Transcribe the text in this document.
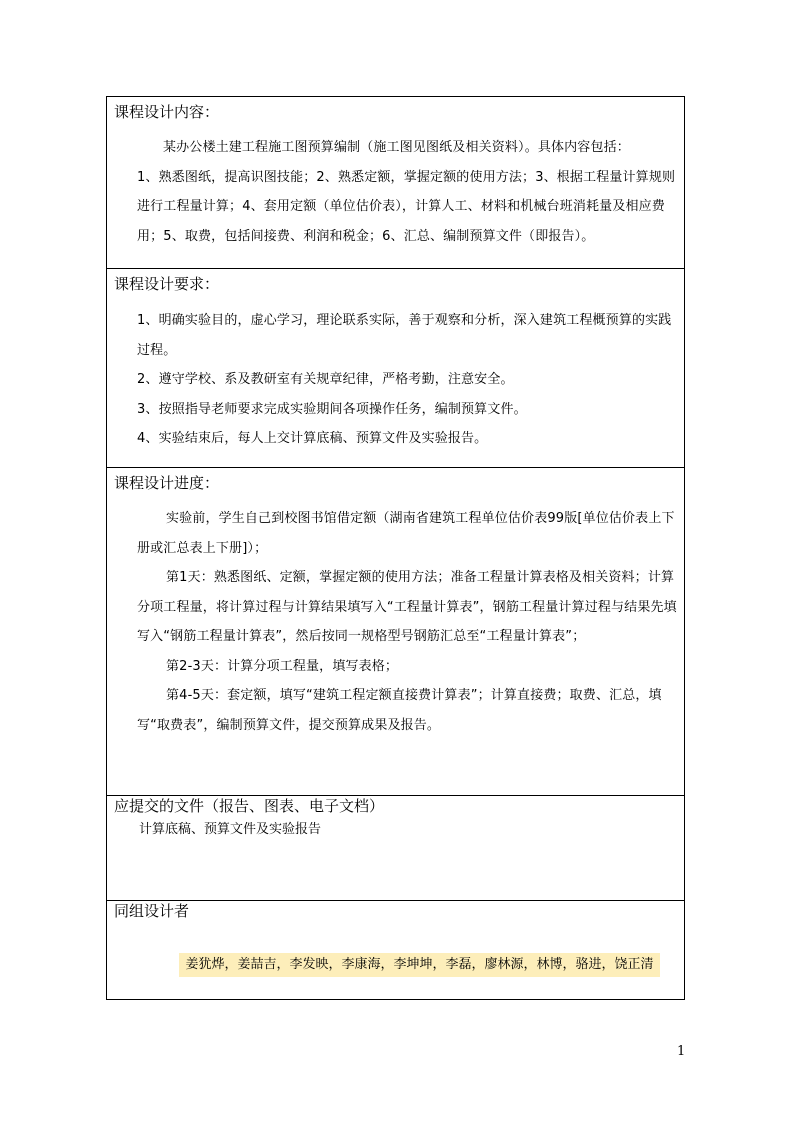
课程设计内容：

某办公楼土建工程施工图预算编制（施工图见图纸及相关资料）。具体内容包括：

1、熟悉图纸，提高识图技能；2、熟悉定额，掌握定额的使用方法；3、根据工程量计算规则进行工程量计算；4、套用定额（单位估价表），计算人工、材料和机械台班消耗量及相应费用；5、取费，包括间接费、利润和税金；6、汇总、编制预算文件（即报告）。

课程设计要求：

1、明确实验目的，虚心学习，理论联系实际，善于观察和分析，深入建筑工程概预算的实践过程。

2、遵守学校、系及教研室有关规章纪律，严格考勤，注意安全。

3、按照指导老师要求完成实验期间各项操作任务，编制预算文件。

4、实验结束后，每人上交计算底稿、预算文件及实验报告。

课程设计进度：

实验前，学生自己到校图书馆借定额（湖南省建筑工程单位估价表99版[单位估价表上下册或汇总表上下册]）；

第1天：熟悉图纸、定额，掌握定额的使用方法；准备工程量计算表格及相关资料；计算分项工程量，将计算过程与计算结果填写入“工程量计算表”，钢筋工程量计算过程与结果先填写入“钢筋工程量计算表”，然后按同一规格型号钢筋汇总至“工程量计算表”；

第2-3天：计算分项工程量，填写表格；

第4-5天：套定额，填写“建筑工程定额直接费计算表”；计算直接费；取费、汇总，填写“取费表”，编制预算文件，提交预算成果及报告。

应提交的文件（报告、图表、电子文档）
计算底稿、预算文件及实验报告
同组设计者
姜犹烨，姜喆吉，李发映，李康海，李坤坤，李磊，廖林源，林博，骆进，饶正清
1
